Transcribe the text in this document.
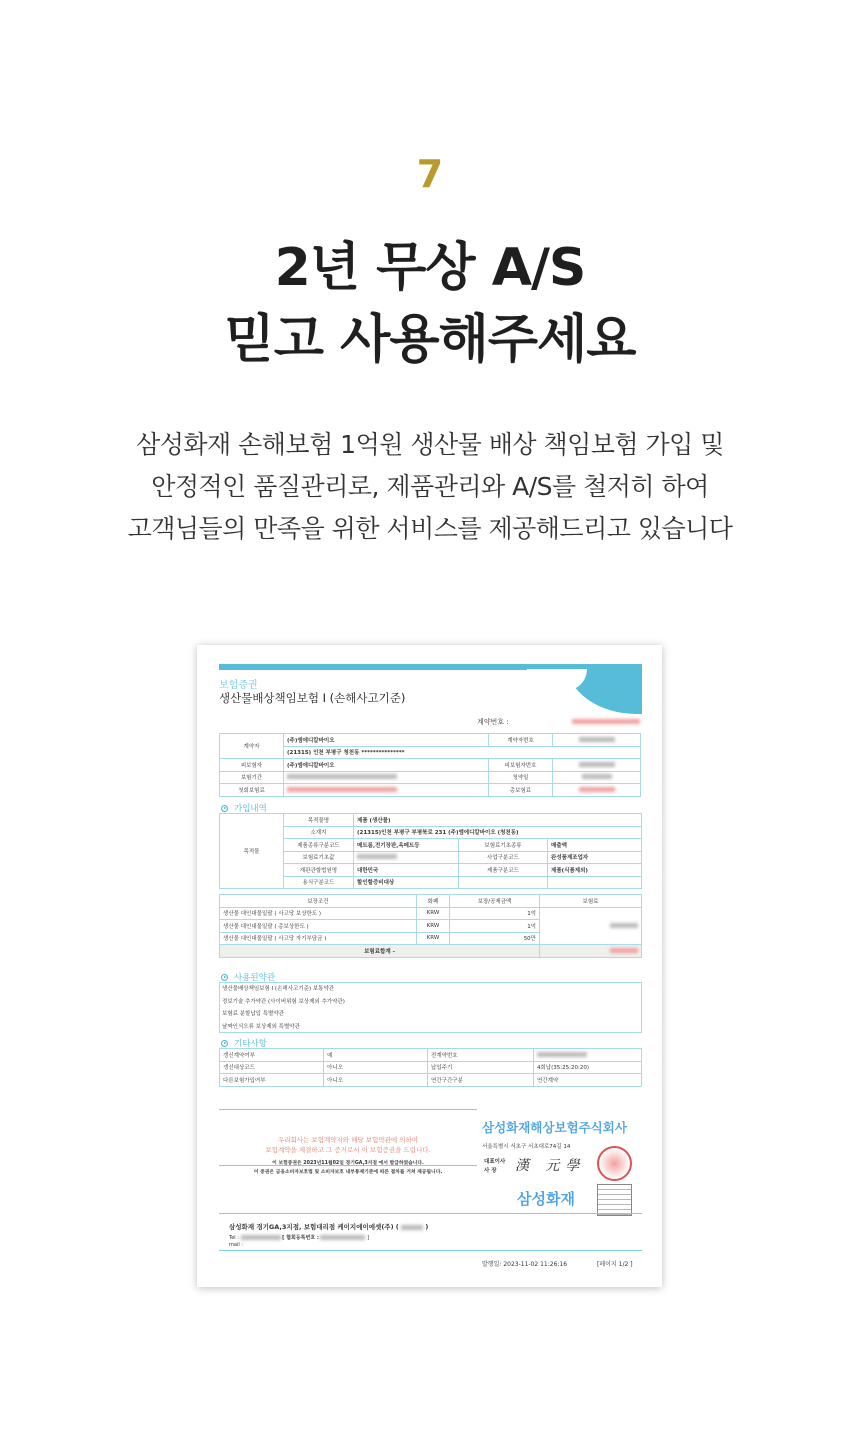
7
2년 무상 A/S
믿고 사용해주세요
삼성화재 손해보험 1억원 생산물 배상 책임보험 가입 및
안정적인 품질관리로, 제품관리와 A/S를 철저히 하여
고객님들의 만족을 위한 서비스를 제공해드리고 있습니다
보험증권
생산물배상책임보험 I (손해사고기준)
계약번호 :
계약자	(주)엠에디칼바이오	계약자번호	
	(21315) 인천 부평구 청천동 ***************		
피보험자	(주)엠에디칼바이오	피보험자번호	
보험기간		청약일	
첫회보험료		총보험료	
가입내역
목적물	목적물명	제품 (생산물)		
	소재지	(21315)인천 부평구 부평북로 231 (주)엠에디칼바이오 (청천동)		
	제품종류구분코드	메트롬,전기장판,옥메트등	보험료기초종류	매출액
	보험료기초값		사업구분코드	완성품제조업자
	재판관할법원명	대한민국	제품구분코드	제품(식품제외)
	용식구분코드	할인할증비대상		
보장조건	화폐	보장/공제금액	보험료
생산물 대인대물일괄 ( 사고당 보상한도 )	KRW	1억	
생산물 대인대물일괄 ( 총보상한도 )	KRW	1억	
생산물 대인대물일괄 ( 사고당 자기부담금 )	KRW	50만	
보험료합계 -			
사용된약관
생산물배상책임보험 I (손해사고기준) 보통약관
정보기술 추가약관 (사이버위험 보상제외 추가약관)
보험료 분할납입 특별약관
날짜인식오류 보상제외 특별약관
기타사항
갱신계약여부	예	전계약번호	
갱신대상코드	아니오	납입주기	4회납(35:25:20:20)
다른보험가입여부	아니오	연간구간구분	연간계약
우리회사는 보험계약자와 해당 보험약관에 의하여
보험계약을 체결하고 그 증거로서 이 보험증권을 드립니다.
이 보험증권은 2023년11월02일 경기GA,3지점 에서 발급하였습니다.
이 증권은 금융소비자보호법 및 소비자보호 내부통제기준에 따른 절차를 거쳐 제공됩니다.
삼성화재해상보험주식회사
서울특별시 서초구 서초대로74길 14
대표이사
사 장	漢 元學
삼성화재
삼성화재 경기GA,3지점, 보험대리점 케이지에이에셋(주) (	)
Tel :	[ 협회등록번호 :	]
mail :
발행일: 2023-11-02 11:26:16	[페이지 1/2 ]
